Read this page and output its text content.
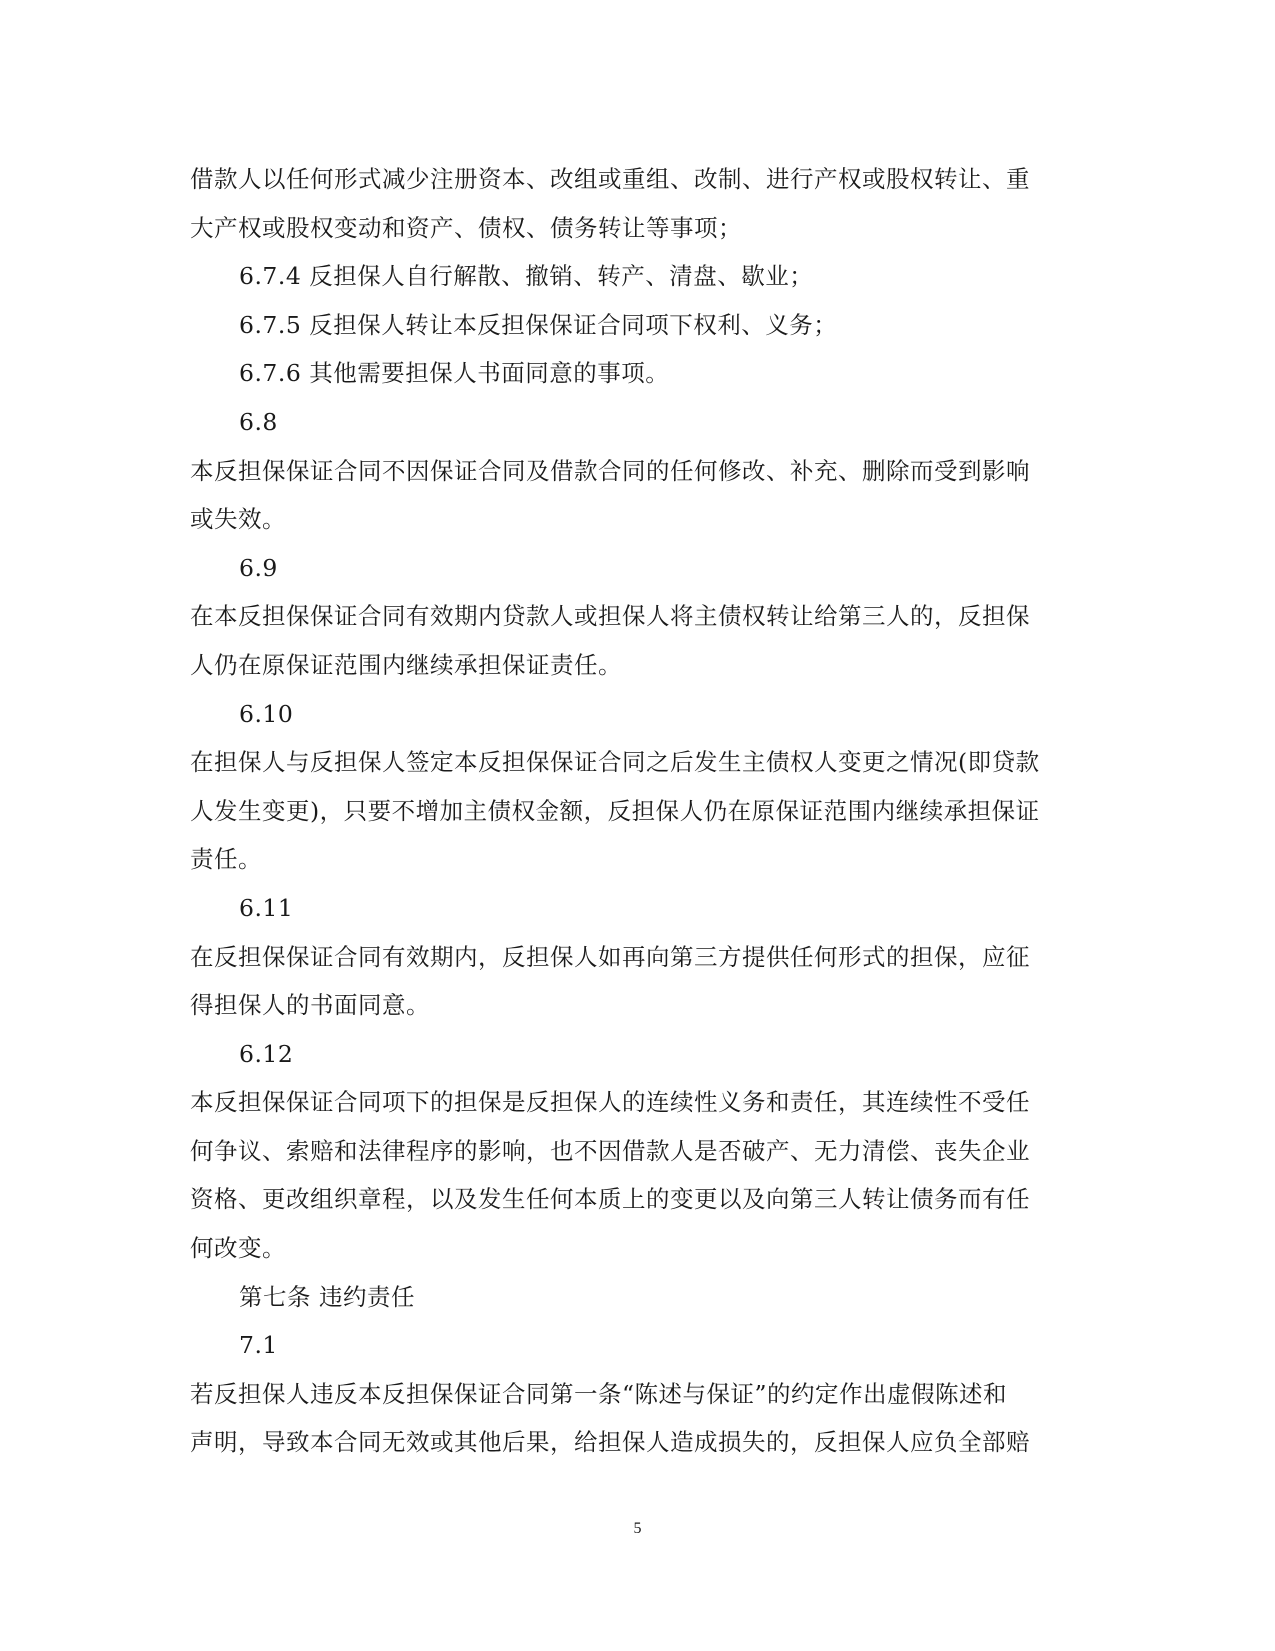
借款人以任何形式减少注册资本、改组或重组、改制、进行产权或股权转让、重
大产权或股权变动和资产、债权、债务转让等事项；
6.7.4 反担保人自行解散、撤销、转产、清盘、歇业；
6.7.5 反担保人转让本反担保保证合同项下权利、义务；
6.7.6 其他需要担保人书面同意的事项。
6.8
本反担保保证合同不因保证合同及借款合同的任何修改、补充、删除而受到影响
或失效。
6.9
在本反担保保证合同有效期内贷款人或担保人将主债权转让给第三人的，反担保
人仍在原保证范围内继续承担保证责任。
6.10
在担保人与反担保人签定本反担保保证合同之后发生主债权人变更之情况(即贷款
人发生变更)，只要不增加主债权金额，反担保人仍在原保证范围内继续承担保证
责任。
6.11
在反担保保证合同有效期内，反担保人如再向第三方提供任何形式的担保，应征
得担保人的书面同意。
6.12
本反担保保证合同项下的担保是反担保人的连续性义务和责任，其连续性不受任
何争议、索赔和法律程序的影响，也不因借款人是否破产、无力清偿、丧失企业
资格、更改组织章程，以及发生任何本质上的变更以及向第三人转让债务而有任
何改变。
第七条 违约责任
7.1
若反担保人违反本反担保保证合同第一条“陈述与保证”的约定作出虚假陈述和
声明，导致本合同无效或其他后果，给担保人造成损失的，反担保人应负全部赔
5
